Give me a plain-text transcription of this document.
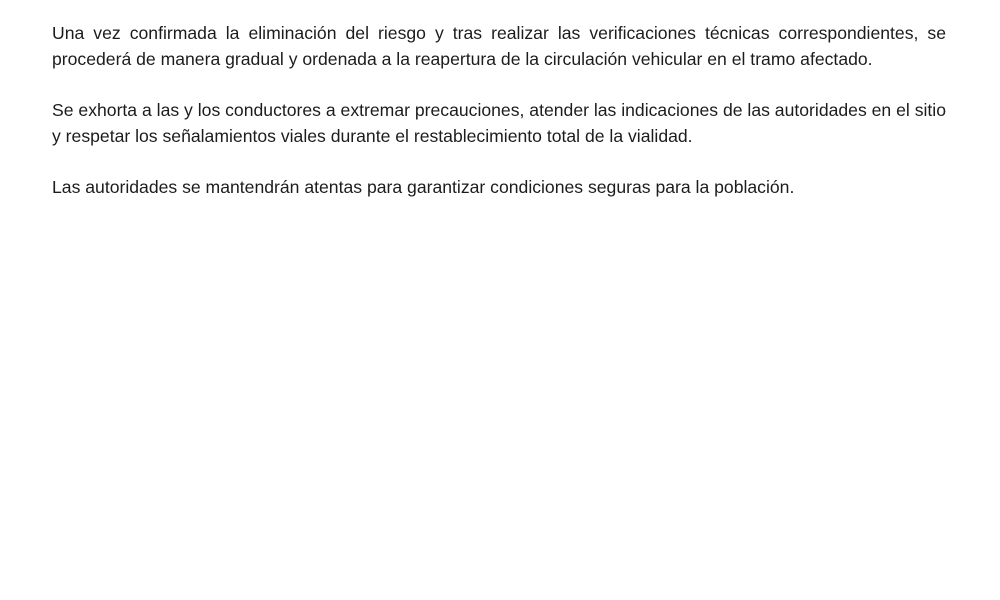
Una vez confirmada la eliminación del riesgo y tras realizar las verificaciones técnicas correspondientes, se procederá de manera gradual y ordenada a la reapertura de la circulación vehicular en el tramo afectado.

Se exhorta a las y los conductores a extremar precauciones, atender las indicaciones de las autoridades en el sitio y respetar los señalamientos viales durante el restablecimiento total de la vialidad.

Las autoridades se mantendrán atentas para garantizar condiciones seguras para la población.
